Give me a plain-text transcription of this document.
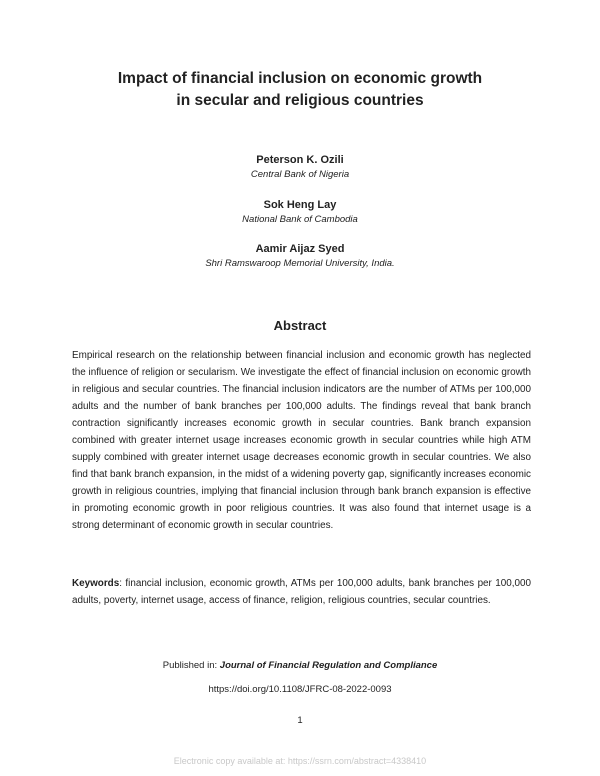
Impact of financial inclusion on economic growth
in secular and religious countries
Peterson K. Ozili
Central Bank of Nigeria
Sok Heng Lay
National Bank of Cambodia
Aamir Aijaz Syed
Shri Ramswaroop Memorial University, India.
Abstract
Empirical research on the relationship between financial inclusion and economic growth has neglected the influence of religion or secularism. We investigate the effect of financial inclusion on economic growth in religious and secular countries. The financial inclusion indicators are the number of ATMs per 100,000 adults and the number of bank branches per 100,000 adults. The findings reveal that bank branch contraction significantly increases economic growth in secular countries. Bank branch expansion combined with greater internet usage increases economic growth in secular countries while high ATM supply combined with greater internet usage decreases economic growth in secular countries. We also find that bank branch expansion, in the midst of a widening poverty gap, significantly increases economic growth in religious countries, implying that financial inclusion through bank branch expansion is effective in promoting economic growth in poor religious countries. It was also found that internet usage is a strong determinant of economic growth in secular countries.
Keywords: financial inclusion, economic growth, ATMs per 100,000 adults, bank branches per 100,000 adults, poverty, internet usage, access of finance, religion, religious countries, secular countries.
Published in: Journal of Financial Regulation and Compliance
https://doi.org/10.1108/JFRC-08-2022-0093
1
Electronic copy available at: https://ssrn.com/abstract=4338410
